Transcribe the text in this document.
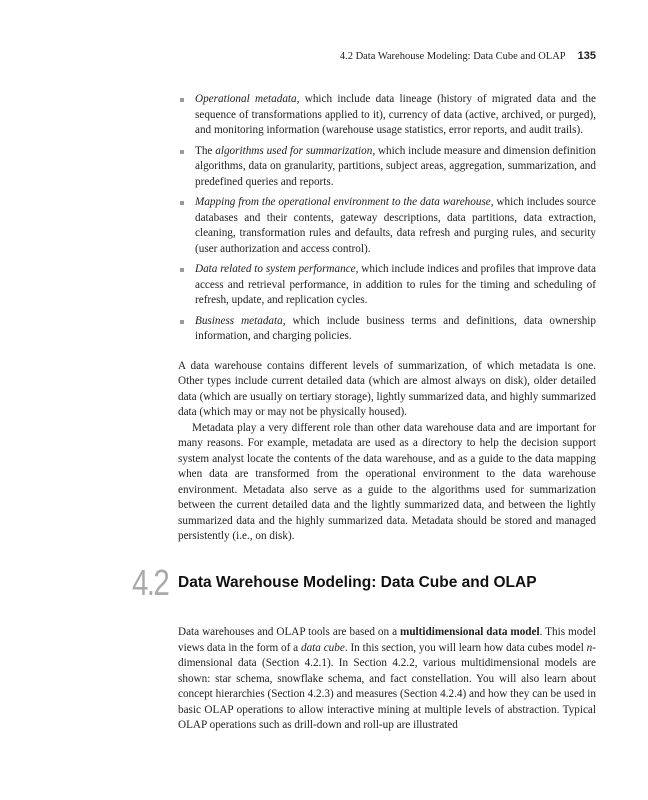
4.2 Data Warehouse Modeling: Data Cube and OLAP 135
Operational metadata, which include data lineage (history of migrated data and the sequence of transformations applied to it), currency of data (active, archived, or purged), and monitoring information (warehouse usage statistics, error reports, and audit trails).
The algorithms used for summarization, which include measure and dimension definition algorithms, data on granularity, partitions, subject areas, aggregation, summarization, and predefined queries and reports.
Mapping from the operational environment to the data warehouse, which includes source databases and their contents, gateway descriptions, data partitions, data extraction, cleaning, transformation rules and defaults, data refresh and purging rules, and security (user authorization and access control).
Data related to system performance, which include indices and profiles that improve data access and retrieval performance, in addition to rules for the timing and scheduling of refresh, update, and replication cycles.
Business metadata, which include business terms and definitions, data ownership information, and charging policies.

A data warehouse contains different levels of summarization, of which metadata is one. Other types include current detailed data (which are almost always on disk), older detailed data (which are usually on tertiary storage), lightly summarized data, and highly summarized data (which may or may not be physically housed).

Metadata play a very different role than other data warehouse data and are important for many reasons. For example, metadata are used as a directory to help the decision support system analyst locate the contents of the data warehouse, and as a guide to the data mapping when data are transformed from the operational environment to the data warehouse environment. Metadata also serve as a guide to the algorithms used for summarization between the current detailed data and the lightly summarized data, and between the lightly summarized data and the highly summarized data. Metadata should be stored and managed persistently (i.e., on disk).

4.2 Data Warehouse Modeling: Data Cube and OLAP

Data warehouses and OLAP tools are based on a multidimensional data model. This model views data in the form of a data cube. In this section, you will learn how data cubes model n-dimensional data (Section 4.2.1). In Section 4.2.2, various multidimensional models are shown: star schema, snowflake schema, and fact constellation. You will also learn about concept hierarchies (Section 4.2.3) and measures (Section 4.2.4) and how they can be used in basic OLAP operations to allow interactive mining at multiple levels of abstraction. Typical OLAP operations such as drill-down and roll-up are illustrated
